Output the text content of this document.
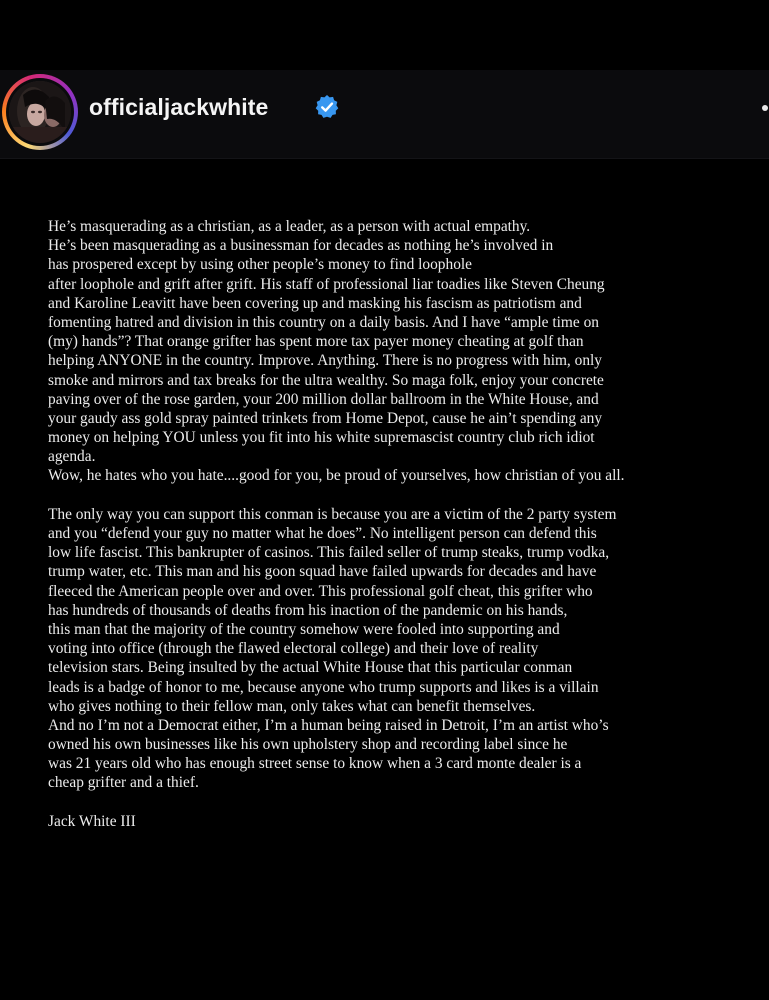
officialjackwhite
He’s masquerading as a christian, as a leader, as a person with actual empathy.
He’s been masquerading as a businessman for decades as nothing he’s involved in
has prospered except by using other people’s money to find loophole
after loophole and grift after grift. His staff of professional liar toadies like Steven Cheung
and Karoline Leavitt have been covering up and masking his fascism as patriotism and
fomenting hatred and division in this country on a daily basis. And I have “ample time on
(my) hands”? That orange grifter has spent more tax payer money cheating at golf than
helping ANYONE in the country. Improve. Anything. There is no progress with him, only
smoke and mirrors and tax breaks for the ultra wealthy. So maga folk, enjoy your concrete
paving over of the rose garden, your 200 million dollar ballroom in the White House, and
your gaudy ass gold spray painted trinkets from Home Depot, cause he ain’t spending any
money on helping YOU unless you fit into his white supremascist country club rich idiot
agenda.
Wow, he hates who you hate....good for you, be proud of yourselves, how christian of you all.
The only way you can support this conman is because you are a victim of the 2 party system
and you “defend your guy no matter what he does”. No intelligent person can defend this
low life fascist. This bankrupter of casinos. This failed seller of trump steaks, trump vodka,
trump water, etc. This man and his goon squad have failed upwards for decades and have
fleeced the American people over and over. This professional golf cheat, this grifter who
has hundreds of thousands of deaths from his inaction of the pandemic on his hands,
this man that the majority of the country somehow were fooled into supporting and
voting into office (through the flawed electoral college) and their love of reality
television stars. Being insulted by the actual White House that this particular conman
leads is a badge of honor to me, because anyone who trump supports and likes is a villain
who gives nothing to their fellow man, only takes what can benefit themselves.
And no I’m not a Democrat either, I’m a human being raised in Detroit, I’m an artist who’s
owned his own businesses like his own upholstery shop and recording label since he
was 21 years old who has enough street sense to know when a 3 card monte dealer is a
cheap grifter and a thief.
Jack White III
